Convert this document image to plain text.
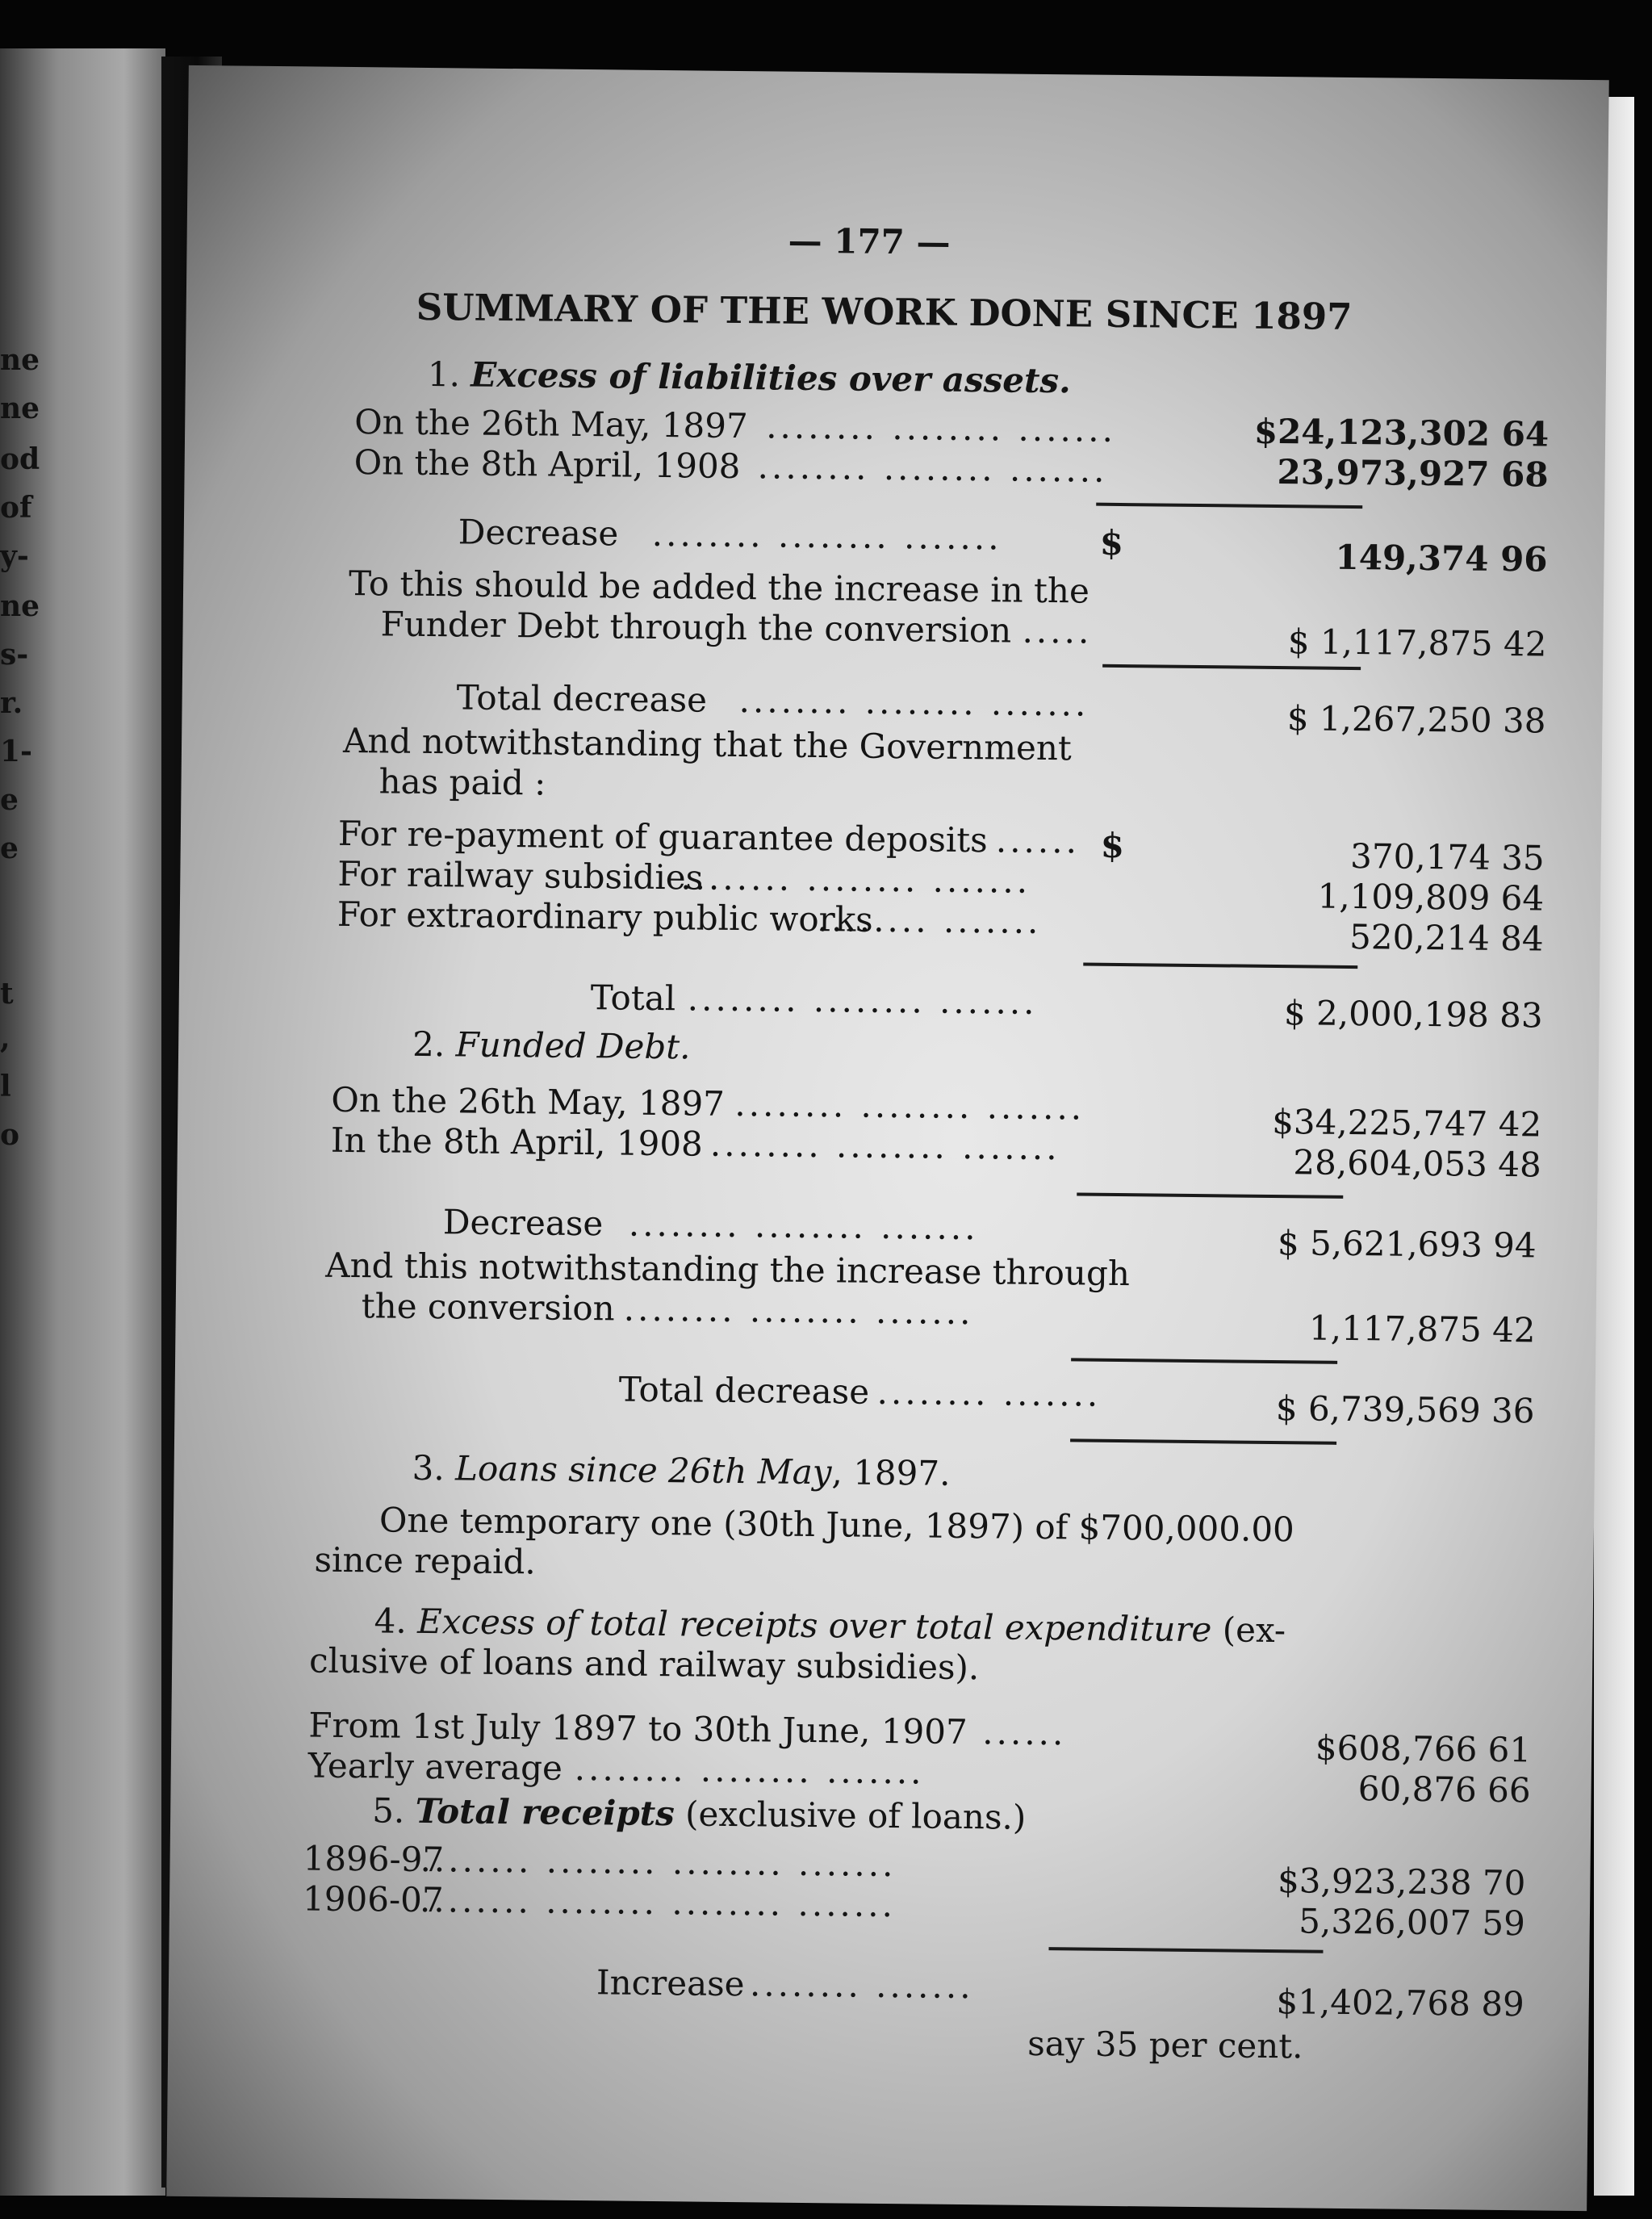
ne
ne
od
of
y-
ne
s-
r.
1-
e
e
t
,
l
o
— 177 —
SUMMARY OF THE WORK DONE SINCE 1897
1. Excess of liabilities over assets.
On the 26th May, 1897 ........ ........ .......	$24,123,302 64
On the 8th April, 1908 ........ ........ .......	23,973,927 68
Decrease ........ ........ .......	$	149,374 96
To this should be added the increase in the
Funder Debt through the conversion .....	$ 1,117,875 42
Total decrease ........ ........ .......	$ 1,267,250 38
And notwithstanding that the Government
has paid :
For re-payment of guarantee deposits ...... $	370,174 35
For railway subsidies
........ ........ .......	1,109,809 64
For extraordinary public works
........ .......	520,214 84
Total ........ ........ .......	$ 2,000,198 83
2. Funded Debt.
On the 26th May, 1897 ........ ........ .......	$34,225,747 42
In the 8th April, 1908 ........ ........ .......	28,604,053 48
Decrease ........ ........ .......	$ 5,621,693 94
And this notwithstanding the increase through
the conversion ........ ........ .......	1,117,875 42
Total decrease ........ .......	$ 6,739,569 36
3. Loans since 26th May, 1897.
One temporary one (30th June, 1897) of $700,000.00
since repaid.
4. Excess of total receipts over total expenditure (ex-
clusive of loans and railway subsidies).
From 1st July 1897 to 30th June, 1907 ......	$608,766 61
Yearly average ........ ........ .......	60,876 66
5. Total receipts (exclusive of loans.)
1896-97
........ ........ ........ .......	$3,923,238 70
1906-07
........ ........ ........ .......	5,326,007 59
Increase ........ .......	$1,402,768 89
say 35 per cent.
